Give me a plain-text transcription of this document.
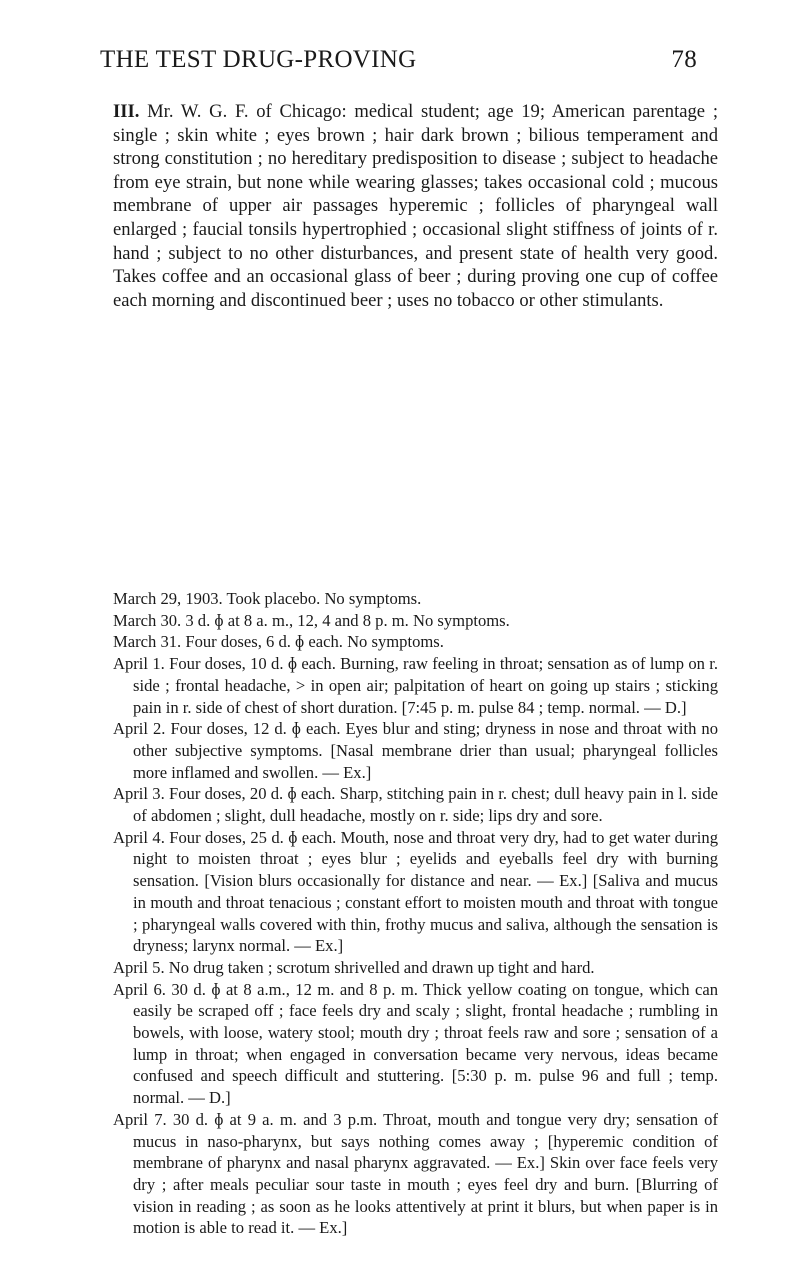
THE TEST DRUG-PROVING	78

III. Mr. W. G. F. of Chicago: medical student; age 19; American parentage ; single ; skin white ; eyes brown ; hair dark brown ; bilious temperament and strong constitution ; no hereditary predisposition to disease ; subject to headache from eye strain, but none while wearing glasses; takes occasional cold ; mucous membrane of upper air passages hyperemic ; follicles of pharyngeal wall enlarged ; faucial tonsils hypertrophied ; occasional slight stiffness of joints of r. hand ; subject to no other disturbances, and present state of health very good. Takes coffee and an occasional glass of beer ; during proving one cup of coffee each morning and discontinued beer ; uses no tobacco or other stimulants.

March 29, 1903. Took placebo. No symptoms.

March 30. 3 d. ɸ at 8 a. m., 12, 4 and 8 p. m. No symptoms.

March 31. Four doses, 6 d. ɸ each. No symptoms.

April 1. Four doses, 10 d. ɸ each. Burning, raw feeling in throat; sensation as of lump on r. side ; frontal headache, > in open air; palpitation of heart on going up stairs ; sticking pain in r. side of chest of short duration. [7:45 p. m. pulse 84 ; temp. normal. — D.]

April 2. Four doses, 12 d. ɸ each. Eyes blur and sting; dryness in nose and throat with no other subjective symptoms. [Nasal membrane drier than usual; pharyngeal follicles more inflamed and swollen. — Ex.]

April 3. Four doses, 20 d. ɸ each. Sharp, stitching pain in r. chest; dull heavy pain in l. side of abdomen ; slight, dull headache, mostly on r. side; lips dry and sore.

April 4. Four doses, 25 d. ɸ each. Mouth, nose and throat very dry, had to get water during night to moisten throat ; eyes blur ; eyelids and eyeballs feel dry with burning sensation. [Vision blurs occasionally for distance and near. — Ex.] [Saliva and mucus in mouth and throat tenacious ; constant effort to moisten mouth and throat with tongue ; pharyngeal walls covered with thin, frothy mucus and saliva, although the sensation is dryness; larynx normal. — Ex.]

April 5. No drug taken ; scrotum shrivelled and drawn up tight and hard.

April 6. 30 d. ɸ at 8 a.m., 12 m. and 8 p. m. Thick yellow coating on tongue, which can easily be scraped off ; face feels dry and scaly ; slight, frontal headache ; rumbling in bowels, with loose, watery stool; mouth dry ; throat feels raw and sore ; sensation of a lump in throat; when engaged in conversation became very nervous, ideas became confused and speech difficult and stuttering. [5:30 p. m. pulse 96 and full ; temp. normal. — D.]

April 7. 30 d. ɸ at 9 a. m. and 3 p.m. Throat, mouth and tongue very dry; sensation of mucus in naso-pharynx, but says nothing comes away ; [hyperemic condition of membrane of pharynx and nasal pharynx aggravated. — Ex.] Skin over face feels very dry ; after meals peculiar sour taste in mouth ; eyes feel dry and burn. [Blurring of vision in reading ; as soon as he looks attentively at print it blurs, but when paper is in motion is able to read it. — Ex.]
